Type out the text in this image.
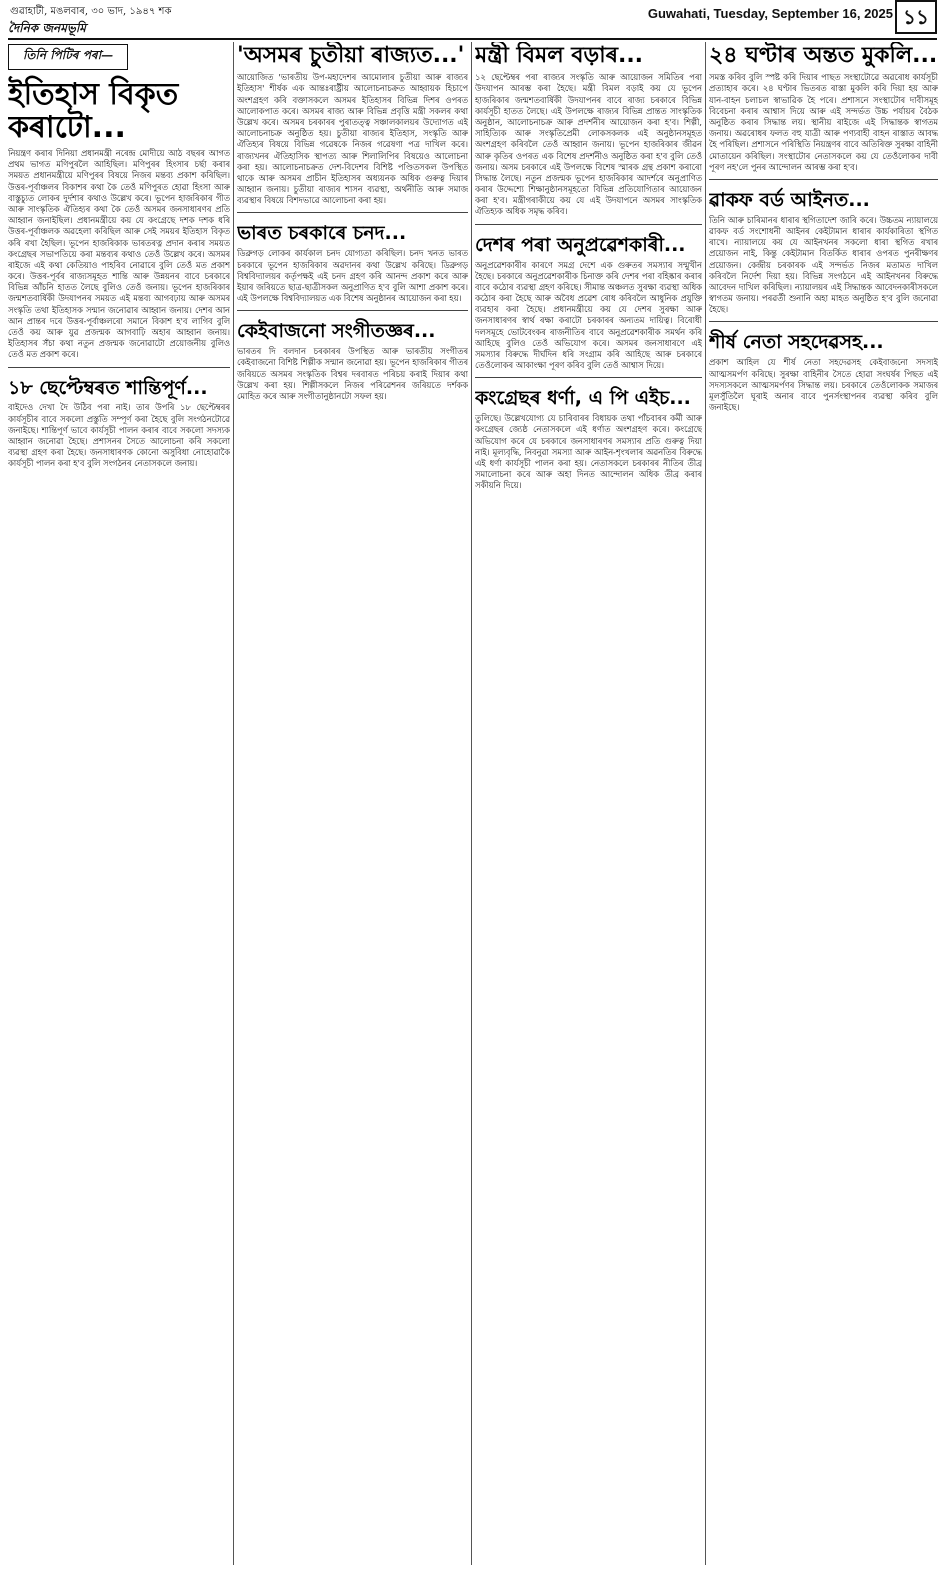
গুৱাহাটী, মঙলবাৰ, ৩০ ভাদ, ১৯৪৭ শক
দৈনিক জনমভূমি
Guwahati, Tuesday, September 16, 2025 ১১
তিনি পিটিৰ পৰা—
ইতিহাস বিকৃত কৰাটো...

নিয়ন্ত্ৰণ কৰাৰ দিনিয়া প্ৰধানমন্ত্ৰী নৰেন্দ্ৰ মোদীয়ে আঠ বছৰৰ আগত প্ৰথম ভাগত মণিপুৰলৈ আহিছিল। মণিপুৰৰ হিংসাৰ চৰ্ছা কৰাৰ সময়ত প্ৰধানমন্ত্ৰীয়ে মণিপুৰৰ বিষয়ে নিজৰ মন্তব্য প্ৰকাশ কৰিছিল। উত্তৰ-পূৰ্বাঞ্চলৰ বিকাশৰ কথা কৈ তেওঁ মণিপুৰত হোৱা হিংসা আৰু বাস্তুচ্যুত লোকৰ দুৰ্দশাৰ কথাও উল্লেখ কৰে। ভূপেন হাজৰিকাৰ গীত আৰু সাংস্কৃতিক ঐতিহ্যৰ কথা কৈ তেওঁ অসমৰ জনসাধাৰণৰ প্ৰতি আহ্বান জনাইছিল। প্ৰধানমন্ত্ৰীয়ে কয় যে কংগ্ৰেছে দশক দশক ধৰি উত্তৰ-পূৰ্বাঞ্চলক অৱহেলা কৰিছিল আৰু সেই সময়ৰ ইতিহাস বিকৃত কৰি ৰখা হৈছিল। ভূপেন হাজৰিকাক ভাৰতৰত্ন প্ৰদান কৰাৰ সময়ত কংগ্ৰেছৰ সভাপতিয়ে কৰা মন্তব্যৰ কথাও তেওঁ উল্লেখ কৰে। অসমৰ ৰাইজে এই কথা কেতিয়াও পাহৰিব নোৱাৰে বুলি তেওঁ মত প্ৰকাশ কৰে। উত্তৰ-পূৰ্বৰ ৰাজ্যসমূহত শান্তি আৰু উন্নয়নৰ বাবে চৰকাৰে বিভিন্ন আঁচনি হাতত লৈছে বুলিও তেওঁ জনায়। ভূপেন হাজৰিকাৰ জন্মশতবাৰ্ষিকী উদযাপনৰ সময়ত এই মন্তব্য আগবঢ়ায় আৰু অসমৰ সংস্কৃতি তথা ইতিহাসক সন্মান জনোৱাৰ আহ্বান জনায়। দেশৰ আন আন প্ৰান্তৰ দৰে উত্তৰ-পূৰ্বাঞ্চলৰো সমানে বিকাশ হ'ব লাগিব বুলি তেওঁ কয় আৰু যুৱ প্ৰজন্মক আগবাঢ়ি অহাৰ আহ্বান জনায়। ইতিহাসৰ সঁচা কথা নতুন প্ৰজন্মক জনোৱাটো প্ৰয়োজনীয় বুলিও তেওঁ মত প্ৰকাশ কৰে।

১৮ ছেপ্টেম্বৰত শান্তিপূৰ্ণ...

বাইদেও দেখা দৈ উঠিব পৰা নাই। তাৰ উপৰি ১৮ ছেপ্টেম্বৰৰ কাৰ্যসূচীৰ বাবে সকলো প্ৰস্তুতি সম্পূৰ্ণ কৰা হৈছে বুলি সংগঠনটোৱে জনাইছে। শান্তিপূৰ্ণ ভাবে কাৰ্যসূচী পালন কৰাৰ বাবে সকলো সদস্যক আহ্বান জনোৱা হৈছে। প্ৰশাসনৰ সৈতে আলোচনা কৰি সকলো ব্যৱস্থা গ্ৰহণ কৰা হৈছে। জনসাধাৰণক কোনো অসুবিধা নোহোৱাকৈ কাৰ্যসূচী পালন কৰা হ'ব বুলি সংগঠনৰ নেতাসকলে জনায়।

'অসমৰ চুতীয়া ৰাজ্যত...'

আয়োজিত 'ভাৰতীয় উপ-মহাদেশৰ আমোলাৰ চুতীয়া আৰু ৰাজ্যৰ ইতিহাস' শীৰ্ষক এক আন্তঃৰাষ্ট্ৰীয় আলোচনাচক্ৰত আহ্বায়ক হিচাপে অংশগ্ৰহণ কৰি বক্তাসকলে অসমৰ ইতিহাসৰ বিভিন্ন দিশৰ ওপৰত আলোকপাত কৰে। অসমৰ ৰাজ্য আৰু বিভিন্ন প্ৰবৃত্তি মন্ত্ৰী সকলৰ কথা উল্লেখ কৰে। অসমৰ চৰকাৰৰ পুৰাতত্ত্ব সঞ্চালকালয়ৰ উদ্যোগত এই আলোচনাচক্ৰ অনুষ্ঠিত হয়। চুতীয়া ৰাজ্যৰ ইতিহাস, সংস্কৃতি আৰু ঐতিহ্যৰ বিষয়ে বিভিন্ন গৱেষকে নিজৰ গৱেষণা পত্ৰ দাখিল কৰে। ৰাজ্যখনৰ ঐতিহাসিক স্থাপত্য আৰু শিলালিপিৰ বিষয়েও আলোচনা কৰা হয়। আলোচনাচক্ৰত দেশ-বিদেশৰ বিশিষ্ট পণ্ডিতসকল উপস্থিত থাকে আৰু অসমৰ প্ৰাচীন ইতিহাসৰ অধ্যয়নক অধিক গুৰুত্ব দিয়াৰ আহ্বান জনায়। চুতীয়া ৰাজ্যৰ শাসন ব্যৱস্থা, অৰ্থনীতি আৰু সমাজ ব্যৱস্থাৰ বিষয়ে বিশদভাৱে আলোচনা কৰা হয়।

ভাৰত চৰকাৰে চনদ...

ডিব্ৰুগড় লোকৰ কাৰ্যকাল চনদ যোগ্যতা কৰিছিল। চনদ খনত ভাৰত চৰকাৰে ভূপেন হাজৰিকাৰ অৱদানৰ কথা উল্লেখ কৰিছে। ডিব্ৰুগড় বিশ্ববিদ্যালয়ৰ কৰ্তৃপক্ষই এই চনদ গ্ৰহণ কৰি আনন্দ প্ৰকাশ কৰে আৰু ইয়াৰ জৰিয়তে ছাত্ৰ-ছাত্ৰীসকল অনুপ্ৰাণিত হ'ব বুলি আশা প্ৰকাশ কৰে। এই উপলক্ষে বিশ্ববিদ্যালয়ত এক বিশেষ অনুষ্ঠানৰ আয়োজন কৰা হয়।

কেইবাজনো সংগীতজ্ঞৰ...

ভাৰতৰ দি বলদান চৰকাৰৰ উপস্থিত আৰু ভাৰতীয় সংগীতৰ কেইবাজনো বিশিষ্ট শিল্পীক সন্মান জনোৱা হয়। ভূপেন হাজৰিকাৰ গীতৰ জৰিয়তে অসমৰ সংস্কৃতিক বিশ্বৰ দৰবাৰত পৰিচয় কৰাই দিয়াৰ কথা উল্লেখ কৰা হয়। শিল্পীসকলে নিজৰ পৰিৱেশনৰ জৰিয়তে দৰ্শকক মোহিত কৰে আৰু সংগীতানুষ্ঠানটো সফল হয়।

মন্ত্ৰী বিমল বড়াৰ...

১২ ছেপ্টেম্বৰ পৰা ৰাজ্যৰ সংস্কৃতি আৰু আয়োজন সমিতিৰ পৰা উদযাপন আৰম্ভ কৰা হৈছে। মন্ত্ৰী বিমল বড়াই কয় যে ভূপেন হাজৰিকাৰ জন্মশতবাৰ্ষিকী উদযাপনৰ বাবে ৰাজ্য চৰকাৰে বিভিন্ন কাৰ্যসূচী হাতত লৈছে। এই উপলক্ষে ৰাজ্যৰ বিভিন্ন প্ৰান্তত সাংস্কৃতিক অনুষ্ঠান, আলোচনাচক্ৰ আৰু প্ৰদৰ্শনীৰ আয়োজন কৰা হ'ব। শিল্পী, সাহিত্যিক আৰু সংস্কৃতিপ্ৰেমী লোকসকলক এই অনুষ্ঠানসমূহত অংশগ্ৰহণ কৰিবলৈ তেওঁ আহ্বান জনায়। ভূপেন হাজৰিকাৰ জীৱন আৰু কৃতিৰ ওপৰত এক বিশেষ প্ৰদৰ্শনীও অনুষ্ঠিত কৰা হ'ব বুলি তেওঁ জনায়। অসম চৰকাৰে এই উপলক্ষে বিশেষ স্মাৰক গ্ৰন্থ প্ৰকাশ কৰাৰো সিদ্ধান্ত লৈছে। নতুন প্ৰজন্মক ভূপেন হাজৰিকাৰ আদৰ্শৰে অনুপ্ৰাণিত কৰাৰ উদ্দেশ্যে শিক্ষানুষ্ঠানসমূহতো বিভিন্ন প্ৰতিযোগিতাৰ আয়োজন কৰা হ'ব। মন্ত্ৰীগৰাকীয়ে কয় যে এই উদযাপনে অসমৰ সাংস্কৃতিক ঐতিহ্যক অধিক সমৃদ্ধ কৰিব।

দেশৰ পৰা অনুপ্ৰৱেশকাৰী...

অনুপ্ৰৱেশকাৰীৰ কাৰণে সমগ্ৰ দেশে এক গুৰুতৰ সমস্যাৰ সন্মুখীন হৈছে। চৰকাৰে অনুপ্ৰৱেশকাৰীক চিনাক্ত কৰি দেশৰ পৰা বহিষ্কাৰ কৰাৰ বাবে কঠোৰ ব্যৱস্থা গ্ৰহণ কৰিছে। সীমান্ত অঞ্চলত সুৰক্ষা ব্যৱস্থা অধিক কঠোৰ কৰা হৈছে আৰু অবৈধ প্ৰৱেশ ৰোধ কৰিবলৈ আধুনিক প্ৰযুক্তি ব্যৱহাৰ কৰা হৈছে। প্ৰধানমন্ত্ৰীয়ে কয় যে দেশৰ সুৰক্ষা আৰু জনসাধাৰণৰ স্বাৰ্থ ৰক্ষা কৰাটো চৰকাৰৰ অন্যতম দায়িত্ব। বিৰোধী দলসমূহে ভোটবেংকৰ ৰাজনীতিৰ বাবে অনুপ্ৰৱেশকাৰীক সমৰ্থন কৰি আহিছে বুলিও তেওঁ অভিযোগ কৰে। অসমৰ জনসাধাৰণে এই সমস্যাৰ বিৰুদ্ধে দীৰ্ঘদিন ধৰি সংগ্ৰাম কৰি আহিছে আৰু চৰকাৰে তেওঁলোকৰ আকাংক্ষা পূৰণ কৰিব বুলি তেওঁ আশ্বাস দিয়ে।

কংগ্ৰেছৰ ধৰ্ণা, এ পি এইচ...

তুলিছে। উল্লেখযোগ্য যে চাৰিবাৰৰ বিধায়ক তথা পাঁচবাৰৰ কৰ্মী আৰু কংগ্ৰেছৰ জ্যেষ্ঠ নেতাসকলে এই ধৰ্ণাত অংশগ্ৰহণ কৰে। কংগ্ৰেছে অভিযোগ কৰে যে চৰকাৰে জনসাধাৰণৰ সমস্যাৰ প্ৰতি গুৰুত্ব দিয়া নাই। মূল্যবৃদ্ধি, নিবনুৱা সমস্যা আৰু আইন-শৃংখলাৰ অৱনতিৰ বিৰুদ্ধে এই ধৰ্ণা কাৰ্যসূচী পালন কৰা হয়। নেতাসকলে চৰকাৰৰ নীতিৰ তীব্ৰ সমালোচনা কৰে আৰু অহা দিনত আন্দোলন অধিক তীব্ৰ কৰাৰ সকীয়নি দিয়ে।

২৪ ঘণ্টাৰ অন্তত মুকলি...

সমস্ত কৰিব বুলি স্পষ্ট কৰি দিয়াৰ পাছত সংস্থাটোৱে অৱৰোধ কাৰ্যসূচী প্ৰত্যাহাৰ কৰে। ২৪ ঘণ্টাৰ ভিতৰত ৰাস্তা মুকলি কৰি দিয়া হয় আৰু যান-বাহন চলাচল স্বাভাৱিক হৈ পৰে। প্ৰশাসনে সংস্থাটোৰ দাবীসমূহ বিবেচনা কৰাৰ আশ্বাস দিয়ে আৰু এই সন্দৰ্ভত উচ্চ পৰ্যায়ৰ বৈঠক অনুষ্ঠিত কৰাৰ সিদ্ধান্ত লয়। স্থানীয় ৰাইজে এই সিদ্ধান্তক স্বাগতম জনায়। অৱৰোধৰ ফলত বহু যাত্ৰী আৰু পণ্যবাহী বাহন ৰাস্তাত আবদ্ধ হৈ পৰিছিল। প্ৰশাসনে পৰিস্থিতি নিয়ন্ত্ৰণৰ বাবে অতিৰিক্ত সুৰক্ষা বাহিনী মোতায়েন কৰিছিল। সংস্থাটোৰ নেতাসকলে কয় যে তেওঁলোকৰ দাবী পূৰণ নহ'লে পুনৰ আন্দোলন আৰম্ভ কৰা হ'ব।

ৱাকফ বৰ্ড আইনত...

তিনি আৰু চাৰিমানৰ ধাৰাৰ স্থগিতাদেশ জাৰি কৰে। উচ্চতম ন্যায়ালয়ে ৱাকফ বৰ্ড সংশোধনী আইনৰ কেইটামান ধাৰাৰ কাৰ্যকাৰিতা স্থগিত ৰাখে। ন্যায়ালয়ে কয় যে আইনখনৰ সকলো ধাৰা স্থগিত ৰখাৰ প্ৰয়োজন নাই, কিন্তু কেইটামান বিতৰ্কিত ধাৰাৰ ওপৰত পুনৰীক্ষণৰ প্ৰয়োজন। কেন্দ্ৰীয় চৰকাৰক এই সন্দৰ্ভত নিজৰ মতামত দাখিল কৰিবলৈ নিৰ্দেশ দিয়া হয়। বিভিন্ন সংগঠনে এই আইনখনৰ বিৰুদ্ধে আবেদন দাখিল কৰিছিল। ন্যায়ালয়ৰ এই সিদ্ধান্তক আবেদনকাৰীসকলে স্বাগতম জনায়। পৰৱৰ্তী শুনানি অহা মাহত অনুষ্ঠিত হ'ব বুলি জনোৱা হৈছে।

শীৰ্ষ নেতা সহদেৱসহ...

প্ৰকাশ আহিল যে শীৰ্ষ নেতা সহদেৱসহ কেইবাজনো সদস্যই আত্মসমৰ্পণ কৰিছে। সুৰক্ষা বাহিনীৰ সৈতে হোৱা সংঘৰ্ষৰ পিছত এই সদস্যসকলে আত্মসমৰ্পণৰ সিদ্ধান্ত লয়। চৰকাৰে তেওঁলোকক সমাজৰ মূলসুঁতিলৈ ঘূৰাই অনাৰ বাবে পুনৰ্সংস্থাপনৰ ব্যৱস্থা কৰিব বুলি জনাইছে।
